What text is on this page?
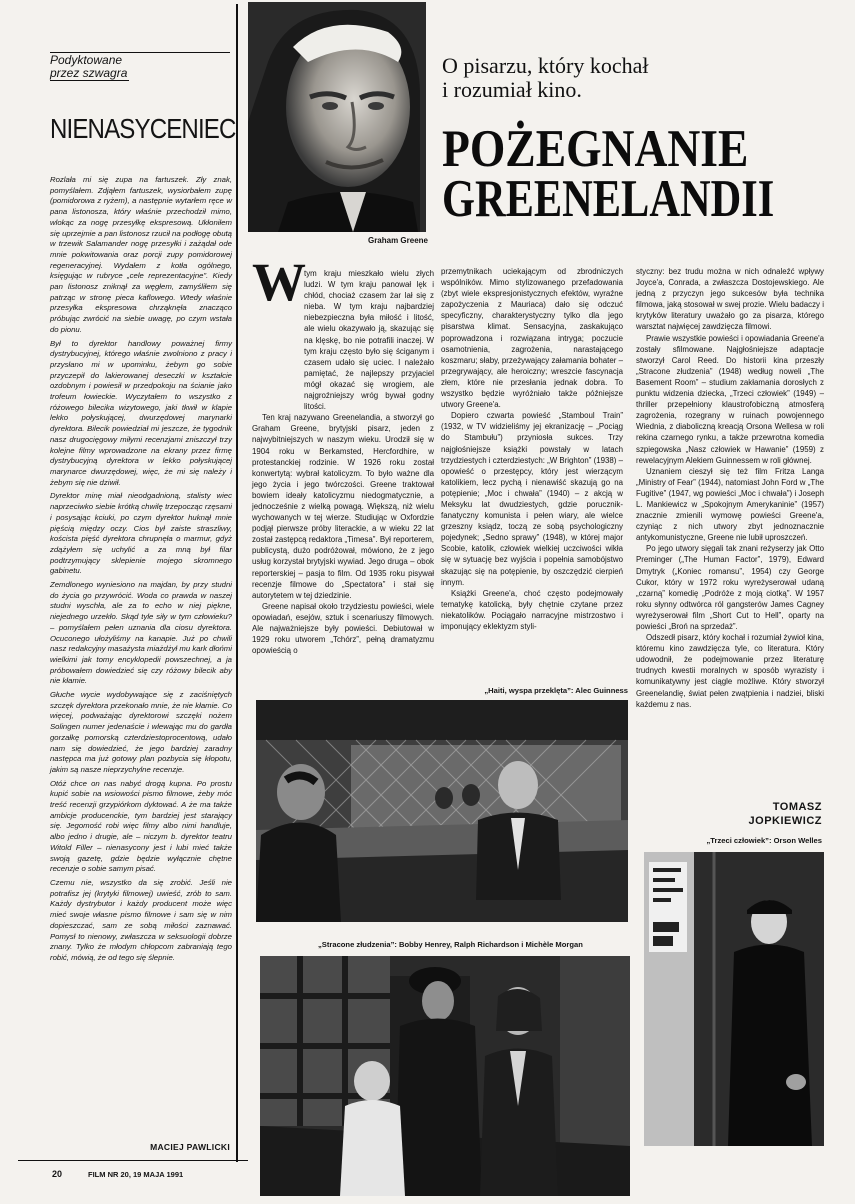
Podyktowane
przez szwagra
NIENASYCENIEC

Rozlała mi się zupa na fartuszek. Zły znak, pomyślałem. Zdjąłem fartuszek, wysiorbałem zupę (pomidorowa z ryżem), a następnie wytarłem ręce w pana listonosza, który właśnie przechodził mimo, wlokąc za nogę przesyłkę ekspresową. Ukłoniłem się uprzejmie a pan listonosz rzucił na podłogę obutą w trzewik Salamander nogę przesyłki i zażądał ode mnie pokwitowania oraz porcji zupy pomidorowej regeneracyjnej. Wydałem z kotła ogólnego, księgując w rubryce „cele reprezentacyjne”. Kiedy pan listonosz zniknął za węgłem, zamyśliłem się patrząc w stronę pieca kaflowego. Wtedy właśnie przesyłka ekspresowa chrząknęła znacząco próbując zwrócić na siebie uwagę, po czym wstała do pionu.

Był to dyrektor handlowy poważnej firmy dystrybucyjnej, którego właśnie zwolniono z pracy i przysłano mi w upominku, żebym go sobie przyczepił do lakierowanej deseczki w kształcie ozdobnym i powiesił w przedpokoju na ścianie jako trofeum łowieckie. Wyczytałem to wszystko z różowego bilecika wizytowego, jaki tkwił w klapie lekko połyskującej, dwurzędowej marynarki dyrektora. Bilecik powiedział mi jeszcze, że tygodnik nasz drugocięgowy miłymi recenzjami zniszczył trzy kolejne filmy wprowadzone na ekrany przez firmę dystrybucyjną dyrektora w lekko połyskującej marynarce dwurzędowej, więc, że mi się należy i żebym się nie dziwił.

Dyrektor minę miał nieodgadnioną, stalisty wiec naprzeciwko siebie krótką chwilę trzepocząc rzęsami i posysając kciuki, po czym dyrektor huknął mnie pięścią między oczy. Cios był zaiste straszliwy, koścista pięść dyrektora chrupnęła o marmur, gdyż zdążyłem się uchylić a za mną był filar podtrzymujący sklepienie mojego skromnego gabinetu.

Zemdlonego wyniesiono na majdan, by przy studni do życia go przywrócić. Woda co prawda w naszej studni wyschła, ale za to echo w niej piękne, niejednego urzekło. Skąd tyle siły w tym człowieku? – pomyślałem pełen uznania dla ciosu dyrektora. Ocuconego ułożyliśmy na kanapie. Już po chwili nasz redakcyjny masażysta miażdżył mu kark dłońmi wielkimi jak tomy encyklopedii powszechnej, a ja próbowałem dowiedzieć się czy różowy bilecik aby nie kłamie.

Głuche wycie wydobywające się z zaciśniętych szczęk dyrektora przekonało mnie, że nie kłamie. Co więcej, podważając dyrektorowi szczęki nożem Solingen numer jedenaście i wlewając mu do gardła gorzałkę pomorską czterdziestoprocentową, udało nam się dowiedzieć, że jego bardziej zaradny następca ma już gotowy plan pozbycia się kłopotu, jakim są nasze nieprzychylne recenzje.

Otóż chce on nas nabyć drogą kupna. Po prostu kupić sobie na wsiowości pismo filmowe, żeby móc treść recenzji grzypiórkom dyktować. A że ma także ambicje producenckie, tym bardziej jest starający się. Jegomość robi więc filmy albo nimi handluje, albo jedno i drugie, ale – niczym b. dyrektor teatru Witold Filler – nienasycony jest i lubi mieć także swoją gazetę, gdzie będzie wyłącznie chętne recenzje o sobie samym pisać.

Czemu nie, wszystko da się zrobić. Jeśli nie potrafisz jej (krytyki filmowej) uwieść, zrób to sam. Każdy dystrybutor i każdy producent może więc mieć swoje własne pismo filmowe i sam się w nim dopieszczać, sam ze sobą miłości zaznawać. Pomysł to nienowy, zwłaszcza w seksuologii dobrze znany. Tylko że młodym chłopcom zabraniają tego robić, mówią, że od tego się ślepnie.

MACIEJ PAWLICKI
20	FILM NR 20, 19 MAJA 1991
Graham Greene
O pisarzu, który kochał
i rozumiał kino.
POŻEGNANIE
GREENELANDII
W

tym kraju mieszkało wielu złych ludzi. W tym kraju panował lęk i chłód, chociaż czasem żar lał się z nieba. W tym kraju najbardziej niebezpieczna była miłość i litość, ale wielu okazywało ją, skazując się na klęskę, bo nie potrafili inaczej. W tym kraju często było się ściganym i czasem udało się uciec. I należało pamiętać, że najlepszy przyjaciel mógł okazać się wrogiem, ale najgroźniejszy wróg bywał godny litości.

Ten kraj nazywano Greenelandia, a stworzył go Graham Greene, brytyjski pisarz, jeden z najwybitniejszych w naszym wieku. Urodził się w 1904 roku w Berkamsted, Hercfordhire, w protestanckiej rodzinie. W 1926 roku został konwertytą: wybrał katolicyzm. To było ważne dla jego życia i jego twórczości. Greene traktował bowiem ideały katolicyzmu niedogmatycznie, a jednocześnie z wielką powagą. Większą, niż wielu wychowanych w tej wierze. Studiując w Oxfordzie podjął pierwsze próby literackie, a w wieku 22 lat został zastępcą redaktora „Timesa”. Był reporterem, publicystą, dużo podróżował, mówiono, że z jego usług korzystał brytyjski wywiad. Jego druga – obok reporterskiej – pasja to film. Od 1935 roku pisywał recenzje filmowe do „Spectatora” i stał się autorytetem w tej dziedzinie.

Greene napisał około trzydziestu powieści, wiele opowiadań, esejów, sztuk i scenariuszy filmowych. Ale najważniejsze były powieści. Debiutował w 1929 roku utworem „Tchórz”, pełną dramatyzmu opowieścią o

przemytnikach uciekającym od zbrodniczych wspólników. Mimo stylizowanego przefadowania (zbyt wiele ekspresjonistycznych efektów, wyraźne zapożyczenia z Mauriaca) dało się odczuć specyficzny, charakterystyczny tylko dla jego pisarstwa klimat. Sensacyjna, zaskakująco poprowadzona i rozwiązana intryga; poczucie osamotnienia, zagrożenia, narastającego koszmaru; słaby, przeżywający załamania bohater – przegrywający, ale heroiczny; wreszcie fascynacja złem, które nie przesłania jednak dobra. To wszystko będzie wyróżniało także późniejsze utwory Greene'a.

Dopiero czwarta powieść „Stamboul Train” (1932, w TV widzieliśmy jej ekranizację – „Pociąg do Stambułu”) przyniosła sukces. Trzy najgłośniejsze książki powstały w latach trzydziestych i czterdziestych: „W Brighton” (1938) – opowieść o przestępcy, który jest wierzącym katolikiem, lecz pychą i nienawiść skazują go na potępienie; „Moc i chwała” (1940) – z akcją w Meksyku lat dwudziestych, gdzie porucznik-fanatyczny komunista i pełen wiary, ale wielce grzeszny ksiądz, toczą ze sobą psychologiczny pojedynek; „Sedno sprawy” (1948), w której major Scobie, katolik, człowiek wielkiej uczciwości wikła się w sytuację bez wyjścia i popełnia samobójstwo skazując się na potępienie, by oszczędzić cierpień innym.

Książki Greene'a, choć często podejmowały tematykę katolicką, były chętnie czytane przez niekatolików. Pociągało narracyjne mistrzostwo i imponujący eklektyzm styli-

styczny: bez trudu można w nich odnaleźć wpływy Joyce'a, Conrada, a zwłaszcza Dostojewskiego. Ale jedną z przyczyn jego sukcesów była technika filmowa, jaką stosował w swej prozie. Wielu badaczy i krytyków literatury uważało go za pisarza, którego warsztat najwięcej zawdzięcza filmowi.

Prawie wszystkie powieści i opowiadania Greene'a zostały sfilmowane. Najgłośniejsze adaptacje stworzył Carol Reed. Do historii kina przeszły „Stracone złudzenia” (1948) według noweli „The Basement Room” – studium zakłamania dorosłych z punktu widzenia dziecka, „Trzeci człowiek” (1949) – thriller przepełniony klaustrofobiczną atmosferą zagrożenia, rozegrany w ruinach powojennego Wiednia, z diaboliczną kreacją Orsona Wellesa w roli rekina czarnego rynku, a także przewrotna komedia szpiegowska „Nasz człowiek w Hawanie” (1959) z rewelacyjnym Alekiem Guinnessem w roli głównej.

Uznaniem cieszył się też film Fritza Langa „Ministry of Fear” (1944), natomiast John Ford w „The Fugitive” (1947, wg powieści „Moc i chwała”) i Joseph L. Mankiewicz w „Spokojnym Amerykaninie” (1957) znacznie zmienili wymowę powieści Greene'a, czyniąc z nich utwory zbyt jednoznacznie antykomunistyczne, Greene nie lubił uproszczeń.

Po jego utwory sięgali tak znani reżyserzy jak Otto Preminger („The Human Factor”, 1979), Edward Dmytryk („Koniec romansu”, 1954) czy George Cukor, który w 1972 roku wyreżyserował udaną „czarną” komedię „Podróże z moją ciotką”. W 1957 roku słynny odtwórca ról gangsterów James Cagney wyreżyserował film „Short Cut to Hell”, oparty na powieści „Broń na sprzedaż”.

Odszedł pisarz, który kochał i rozumiał żywioł kina, któremu kino zawdzięcza tyle, co literatura. Który udowodnił, że podejmowanie przez literaturę trudnych kwestii moralnych w sposób wyrazisty i komunikatywny jest ciągle możliwe. Który stworzył Greenelandię, świat pełen zwątpienia i nadziei, bliski każdemu z nas.

TOMASZ
JOPKIEWICZ
„Haiti, wyspa przeklęta”: Alec Guinness
„Stracone złudzenia”: Bobby Henrey, Ralph Richardson i Michèle Morgan
„Trzeci człowiek”: Orson Welles
